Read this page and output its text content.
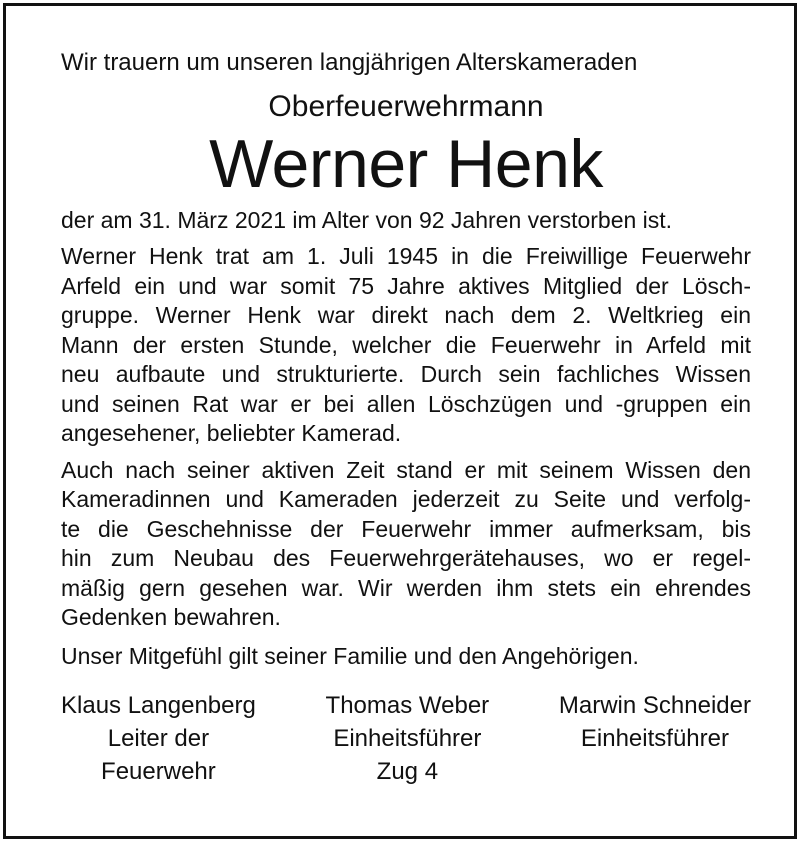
Wir trauern um unseren langjährigen Alterskameraden
Oberfeuerwehrmann
Werner Henk
der am 31. März 2021 im Alter von 92 Jahren verstorben ist.
Werner Henk trat am 1. Juli 1945 in die Freiwillige Feuerwehr
Arfeld ein und war somit 75 Jahre aktives Mitglied der Lösch-
gruppe. Werner Henk war direkt nach dem 2. Weltkrieg ein
Mann der ersten Stunde, welcher die Feuerwehr in Arfeld mit
neu aufbaute und strukturierte. Durch sein fachliches Wissen
und seinen Rat war er bei allen Löschzügen und -gruppen ein
angesehener, beliebter Kamerad.
Auch nach seiner aktiven Zeit stand er mit seinem Wissen den
Kameradinnen und Kameraden jederzeit zu Seite und verfolg-
te die Geschehnisse der Feuerwehr immer aufmerksam, bis
hin zum Neubau des Feuerwehrgerätehauses, wo er regel-
mäßig gern gesehen war. Wir werden ihm stets ein ehrendes
Gedenken bewahren.
Unser Mitgefühl gilt seiner Familie und den Angehörigen.
Klaus Langenberg
Leiter der
Feuerwehr
Thomas Weber
Einheitsführer
Zug 4
Marwin Schneider
Einheitsführer
